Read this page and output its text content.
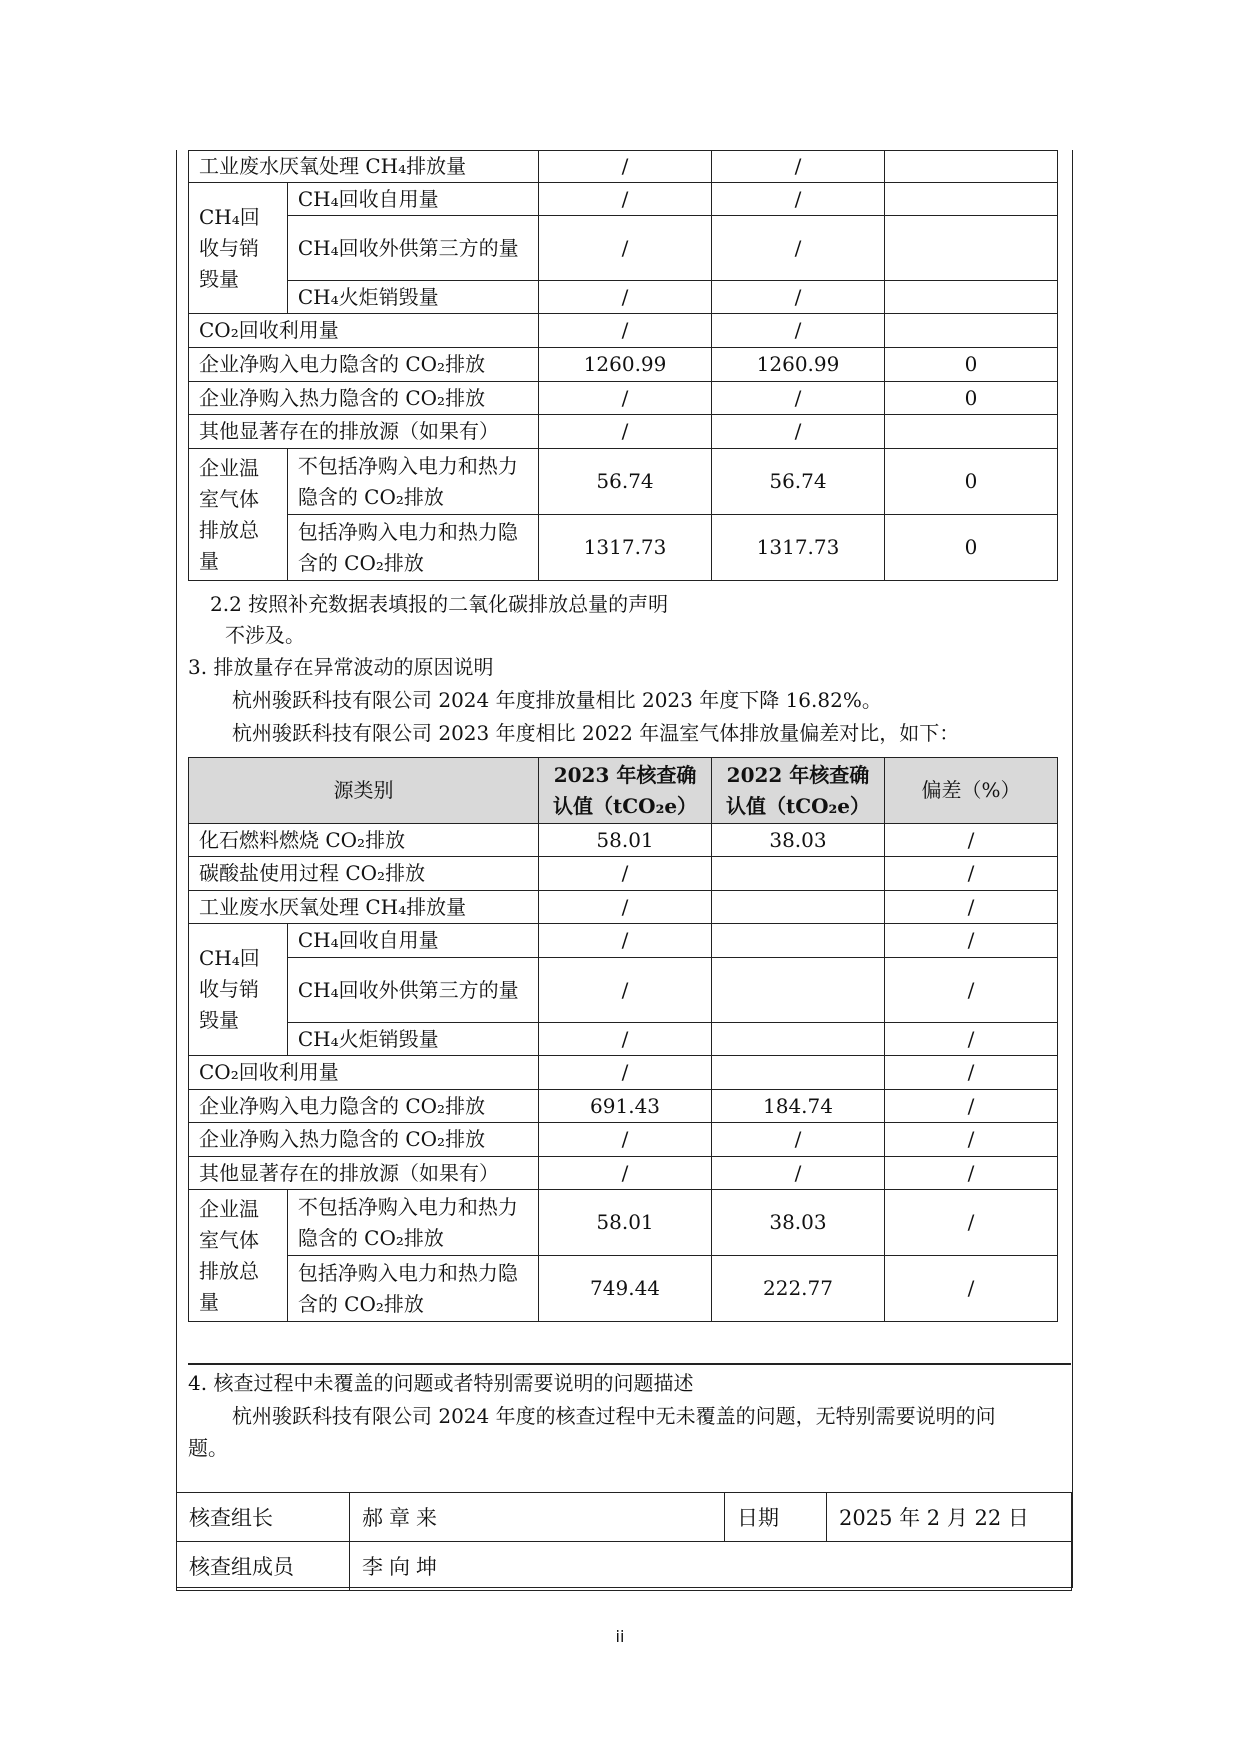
工业废水厌氧处理 CH₄排放量		/	/	
CH₄回收与销毁量	CH₄回收自用量	/	/	
	CH₄回收外供第三方的量	/	/	
	CH₄火炬销毁量	/	/	
CO₂回收利用量		/	/	
企业净购入电力隐含的 CO₂排放		1260.99	1260.99	0
企业净购入热力隐含的 CO₂排放		/	/	0
其他显著存在的排放源（如果有）		/	/	
企业温室气体排放总量	不包括净购入电力和热力隐含的 CO₂排放	56.74	56.74	0
	包括净购入电力和热力隐含的 CO₂排放	1317.73	1317.73	0
2.2 按照补充数据表填报的二氧化碳排放总量的声明
不涉及。
3. 排放量存在异常波动的原因说明
杭州骏跃科技有限公司 2024 年度排放量相比 2023 年度下降 16.82%。
杭州骏跃科技有限公司 2023 年度相比 2022 年温室气体排放量偏差对比，如下：
源类别		2023 年核查确认值（tCO₂e）	2022 年核查确认值（tCO₂e）	偏差（%）
化石燃料燃烧 CO₂排放		58.01	38.03	/
碳酸盐使用过程 CO₂排放		/		/
工业废水厌氧处理 CH₄排放量		/		/
CH₄回收与销毁量	CH₄回收自用量	/		/
	CH₄回收外供第三方的量	/		/
	CH₄火炬销毁量	/		/
CO₂回收利用量		/		/
企业净购入电力隐含的 CO₂排放		691.43	184.74	/
企业净购入热力隐含的 CO₂排放		/	/	/
其他显著存在的排放源（如果有）		/	/	/
企业温室气体排放总量	不包括净购入电力和热力隐含的 CO₂排放	58.01	38.03	/
	包括净购入电力和热力隐含的 CO₂排放	749.44	222.77	/
4. 核查过程中未覆盖的问题或者特别需要说明的问题描述
杭州骏跃科技有限公司 2024 年度的核查过程中无未覆盖的问题，无特别需要说明的问
题。
核查组长	郝章来	日期	2025 年 2 月 22 日
核查组成员	李向坤		
ii
